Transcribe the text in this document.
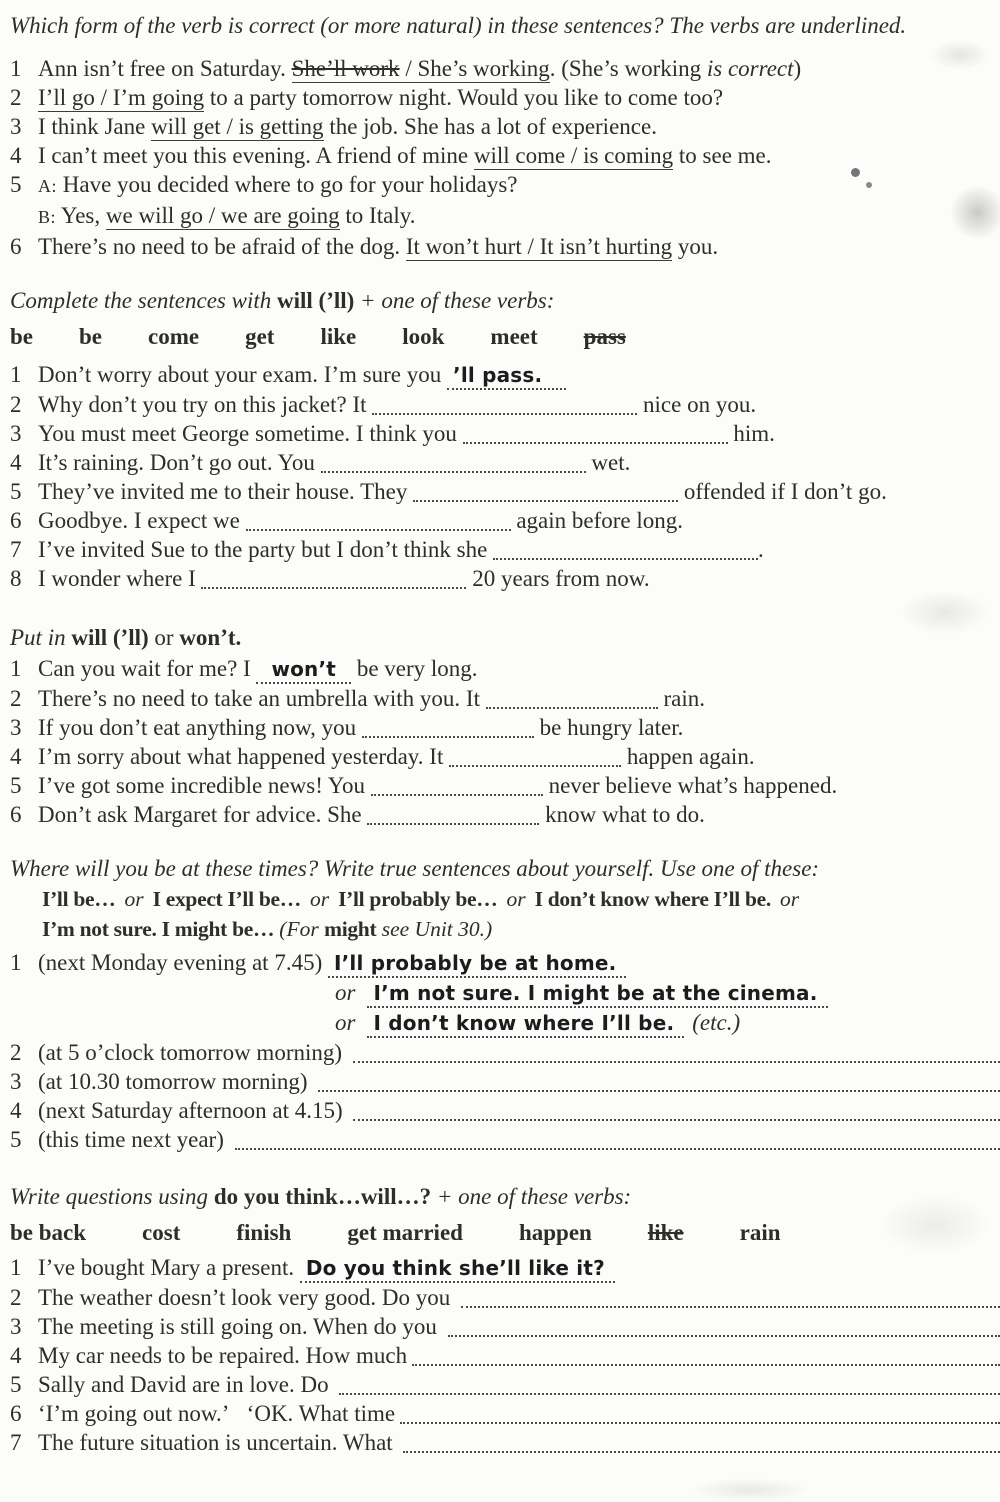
Which form of the verb is correct (or more natural) in these sentences? The verbs are underlined.

1 Ann isn’t free on Saturday. She’ll work / She’s working. (She’s working is correct)
2 I’ll go / I’m going to a party tomorrow night. Would you like to come too?
3 I think Jane will get / is getting the job. She has a lot of experience.
4 I can’t meet you this evening. A friend of mine will come / is coming to see me.
5 A: Have you decided where to go for your holidays?
B: Yes, we will go / we are going to Italy.
6 There’s no need to be afraid of the dog. It won’t hurt / It isn’t hurting you.

Complete the sentences with will (’ll) + one of these verbs:

be be come get like look meet pass
1 Don’t worry about your exam. I’m sure you ’ll pass.
2 Why don’t you try on this jacket? It	nice on you.
3 You must meet George sometime. I think you	him.
4 It’s raining. Don’t go out. You	wet.
5 They’ve invited me to their house. They	offended if I don’t go.
6 Goodbye. I expect we	again before long.
7 I’ve invited Sue to the party but I don’t think she	.
8 I wonder where I	20 years from now.

Put in will (’ll) or won’t.

1 Can you wait for me? I won’t be very long.
2 There’s no need to take an umbrella with you. It	rain.
3 If you don’t eat anything now, you	be hungry later.
4 I’m sorry about what happened yesterday. It	happen again.
5 I’ve got some incredible news! You	never believe what’s happened.
6 Don’t ask Margaret for advice. She	know what to do.

Where will you be at these times? Write true sentences about yourself. Use one of these:

I’ll be… or I expect I’ll be… or I’ll probably be… or I don’t know where I’ll be. or
I’m not sure. I might be… (For might see Unit 30.)
1 (next Monday evening at 7.45) I’ll probably be at home.
or I’m not sure. I might be at the cinema.
or I don’t know where I’ll be. (etc.)
2 (at 5 o’clock tomorrow morning)
3 (at 10.30 tomorrow morning)
4 (next Saturday afternoon at 4.15)
5 (this time next year)

Write questions using do you think…will…? + one of these verbs:

be back cost finish get married happen like rain
1 I’ve bought Mary a present. Do you think she’ll like it?
2 The weather doesn’t look very good. Do you
3 The meeting is still going on. When do you
4 My car needs to be repaired. How much
5 Sally and David are in love. Do
6 ‘I’m going out now.’  ‘OK. What time
7 The future situation is uncertain. What
